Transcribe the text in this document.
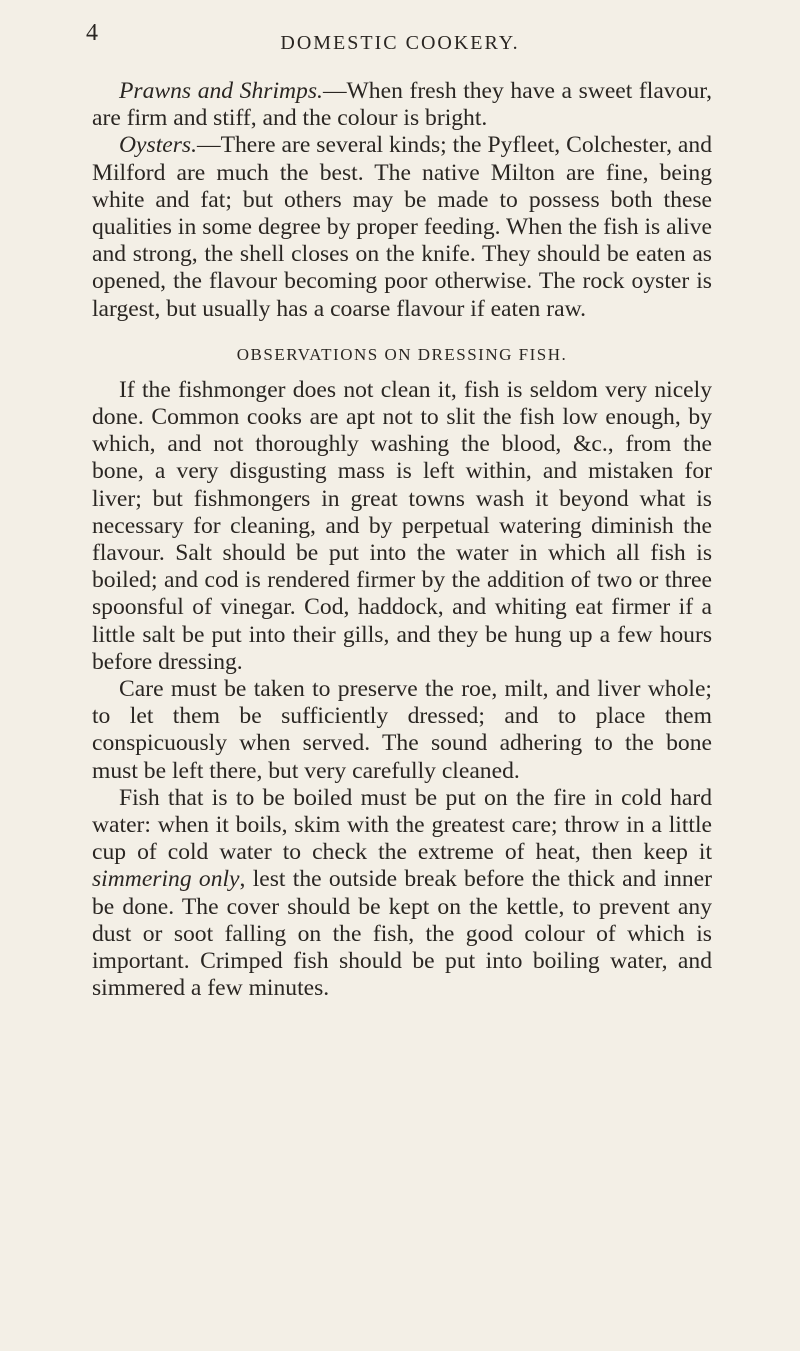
4	DOMESTIC COOKERY.

Prawns and Shrimps.—When fresh they have a sweet flavour, are firm and stiff, and the colour is bright.

Oysters.—There are several kinds; the Pyfleet, Colchester, and Milford are much the best. The native Milton are fine, being white and fat; but others may be made to possess both these qualities in some degree by proper feeding. When the fish is alive and strong, the shell closes on the knife. They should be eaten as opened, the flavour becoming poor otherwise. The rock oyster is largest, but usually has a coarse flavour if eaten raw.

OBSERVATIONS ON DRESSING FISH.

If the fishmonger does not clean it, fish is seldom very nicely done. Common cooks are apt not to slit the fish low enough, by which, and not thoroughly washing the blood, &c., from the bone, a very disgusting mass is left within, and mistaken for liver; but fishmongers in great towns wash it beyond what is necessary for cleaning, and by perpetual watering diminish the flavour. Salt should be put into the water in which all fish is boiled; and cod is rendered firmer by the addition of two or three spoonsful of vinegar. Cod, haddock, and whiting eat firmer if a little salt be put into their gills, and they be hung up a few hours before dressing.

Care must be taken to preserve the roe, milt, and liver whole; to let them be sufficiently dressed; and to place them conspicuously when served. The sound adhering to the bone must be left there, but very carefully cleaned.

Fish that is to be boiled must be put on the fire in cold hard water: when it boils, skim with the greatest care; throw in a little cup of cold water to check the extreme of heat, then keep it simmering only, lest the outside break before the thick and inner be done. The cover should be kept on the kettle, to prevent any dust or soot falling on the fish, the good colour of which is important. Crimped fish should be put into boiling water, and simmered a few minutes.
